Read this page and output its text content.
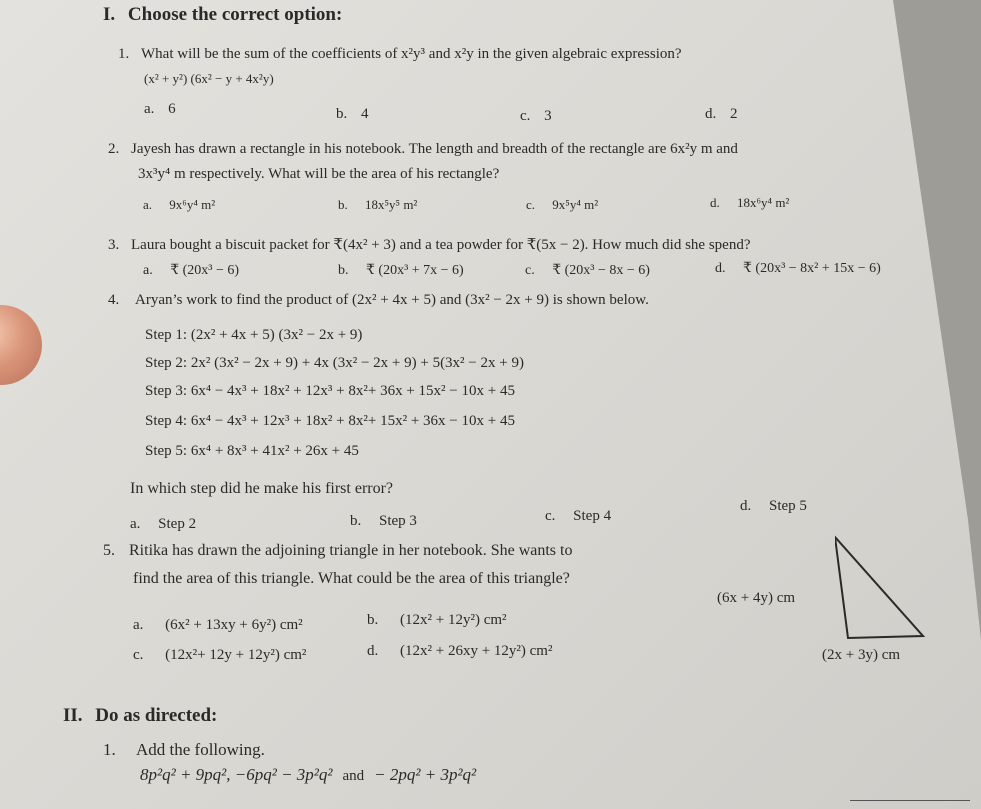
I. Choose the correct option:
1. What will be the sum of the coefficients of x²y³ and x²y in the given algebraic expression?
(x² + y²) (6x² − y + 4x²y)
a. 6	b. 4	c. 3	d. 2
2. Jayesh has drawn a rectangle in his notebook. The length and breadth of the rectangle are 6x²y m and
3x³y⁴ m respectively. What will be the area of his rectangle?
a. 9x⁶y⁴ m²	b. 18x⁵y⁵ m²	c. 9x⁵y⁴ m²	d. 18x⁶y⁴ m²
3. Laura bought a biscuit packet for ₹(4x² + 3) and a tea powder for ₹(5x − 2). How much did she spend?
a. ₹ (20x³ − 6)	b. ₹ (20x³ + 7x − 6)	c. ₹ (20x³ − 8x − 6)	d. ₹ (20x³ − 8x² + 15x − 6)
4. Aryan’s work to find the product of (2x² + 4x + 5) and (3x² − 2x + 9) is shown below.
Step 1: (2x² + 4x + 5) (3x² − 2x + 9)
Step 2: 2x² (3x² − 2x + 9) + 4x (3x² − 2x + 9) + 5(3x² − 2x + 9)
Step 3: 6x⁴ − 4x³ + 18x² + 12x³ + 8x²+ 36x + 15x² − 10x + 45
Step 4: 6x⁴ − 4x³ + 12x³ + 18x² + 8x²+ 15x² + 36x − 10x + 45
Step 5: 6x⁴ + 8x³ + 41x² + 26x + 45
In which step did he make his first error?
a. Step 2	b. Step 3	c. Step 4
d. Step 5
5. Ritika has drawn the adjoining triangle in her notebook. She wants to
find the area of this triangle. What could be the area of this triangle?
a. (6x² + 13xy + 6y²) cm²	b. (12x² + 12y²) cm²
c. (12x²+ 12y + 12y²) cm²	d. (12x² + 26xy + 12y²) cm²
(6x + 4y) cm
(2x + 3y) cm
II. Do as directed:
1. Add the following.
8p²q² + 9pq², −6pq² − 3p²q² and − 2pq² + 3p²q²
